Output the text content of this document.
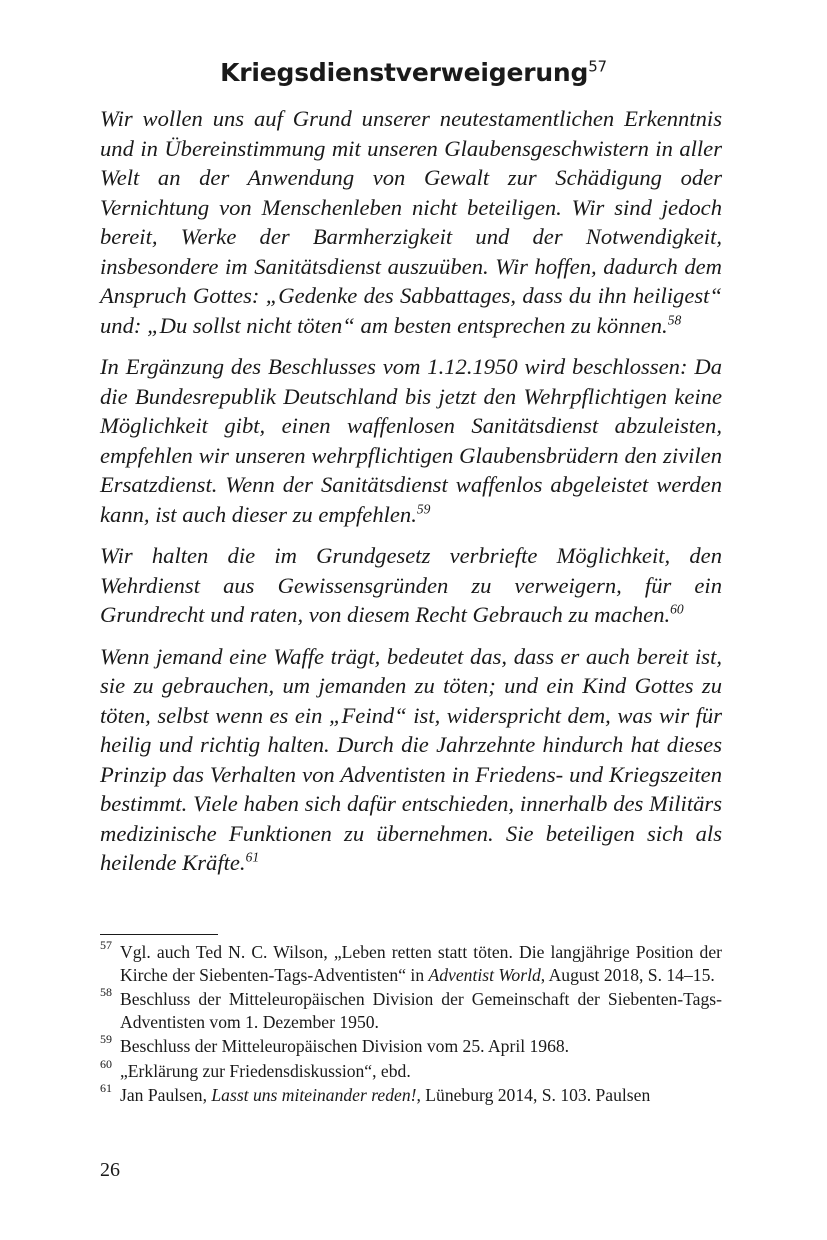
Kriegsdienstverweigerung$^{57}$

Wir wollen uns auf Grund unserer neutestamentlichen Erkenntnis und in Übereinstimmung mit unseren Glaubensgeschwistern in aller Welt an der Anwendung von Gewalt zur Schädigung oder Vernichtung von Menschenleben nicht beteiligen. Wir sind jedoch bereit, Werke der Barmherzigkeit und der Notwendigkeit, insbesondere im Sanitätsdienst auszuüben. Wir hoffen, dadurch dem Anspruch Gottes: „Gedenke des Sabbattages, dass du ihn heiligest“ und: „Du sollst nicht töten“ am besten entsprechen zu können.$^{58}$

In Ergänzung des Beschlusses vom 1.12.1950 wird beschlossen: Da die Bundesrepublik Deutschland bis jetzt den Wehrpflichtigen keine Möglichkeit gibt, einen waffenlosen Sanitätsdienst abzuleisten, empfehlen wir unseren wehrpflichtigen Glaubensbrüdern den zivilen Ersatzdienst. Wenn der Sanitätsdienst waffenlos abgeleistet werden kann, ist auch dieser zu empfehlen.$^{59}$

Wir halten die im Grundgesetz verbriefte Möglichkeit, den Wehrdienst aus Gewissensgründen zu verweigern, für ein Grundrecht und raten, von diesem Recht Gebrauch zu machen.$^{60}$

Wenn jemand eine Waffe trägt, bedeutet das, dass er auch bereit ist, sie zu gebrauchen, um jemanden zu töten; und ein Kind Gottes zu töten, selbst wenn es ein „Feind“ ist, widerspricht dem, was wir für heilig und richtig halten. Durch die Jahrzehnte hindurch hat dieses Prinzip das Verhalten von Adventisten in Friedens- und Kriegszeiten bestimmt. Viele haben sich dafür entschieden, innerhalb des Militärs medizinische Funktionen zu übernehmen. Sie beteiligen sich als heilende Kräfte.$^{61}$

57 Vgl. auch Ted N. C. Wilson, „Leben retten statt töten. Die langjährige Position der Kirche der Siebenten-Tags-Adventisten“ in Adventist World, August 2018, S. 14–15.

58 Beschluss der Mitteleuropäischen Division der Gemeinschaft der Siebenten-Tags-Adventisten vom 1. Dezember 1950.

59 Beschluss der Mitteleuropäischen Division vom 25. April 1968.

60 „Erklärung zur Friedensdiskussion“, ebd.

61 Jan Paulsen, Lasst uns miteinander reden!, Lüneburg 2014, S. 103. Paulsen

26
